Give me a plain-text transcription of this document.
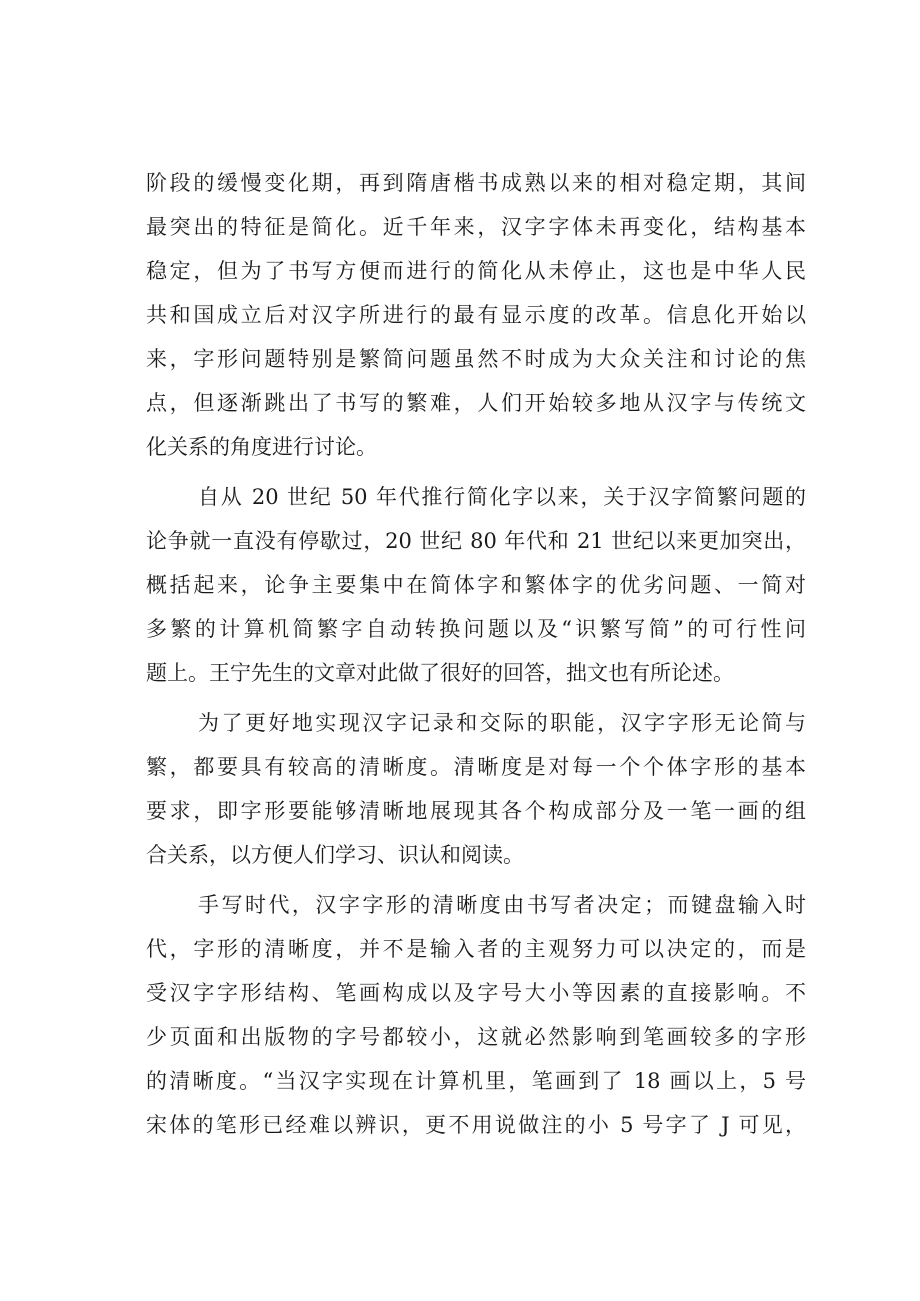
阶段的缓慢变化期，再到隋唐楷书成熟以来的相对稳定期，其间
最突出的特征是简化。近千年来，汉字字体未再变化，结构基本
稳定，但为了书写方便而进行的简化从未停止，这也是中华人民
共和国成立后对汉字所进行的最有显示度的改革。信息化开始以
来，字形问题特别是繁简问题虽然不时成为大众关注和讨论的焦
点，但逐渐跳出了书写的繁难，人们开始较多地从汉字与传统文
化关系的角度进行讨论。
自从 20 世纪 50 年代推行简化字以来，关于汉字简繁问题的
论争就一直没有停歇过，20 世纪 80 年代和 21 世纪以来更加突出，
概括起来，论争主要集中在简体字和繁体字的优劣问题、一简对
多繁的计算机简繁字自动转换问题以及“识繁写简”的可行性问
题上。王宁先生的文章对此做了很好的回答，拙文也有所论述。
为了更好地实现汉字记录和交际的职能，汉字字形无论简与
繁，都要具有较高的清晰度。清晰度是对每一个个体字形的基本
要求，即字形要能够清晰地展现其各个构成部分及一笔一画的组
合关系，以方便人们学习、识认和阅读。
手写时代，汉字字形的清晰度由书写者决定；而键盘输入时
代，字形的清晰度，并不是输入者的主观努力可以决定的，而是
受汉字字形结构、笔画构成以及字号大小等因素的直接影响。不
少页面和出版物的字号都较小，这就必然影响到笔画较多的字形
的清晰度。“当汉字实现在计算机里，笔画到了 18 画以上，5 号
宋体的笔形已经难以辨识，更不用说做注的小 5 号字了 J 可见，
